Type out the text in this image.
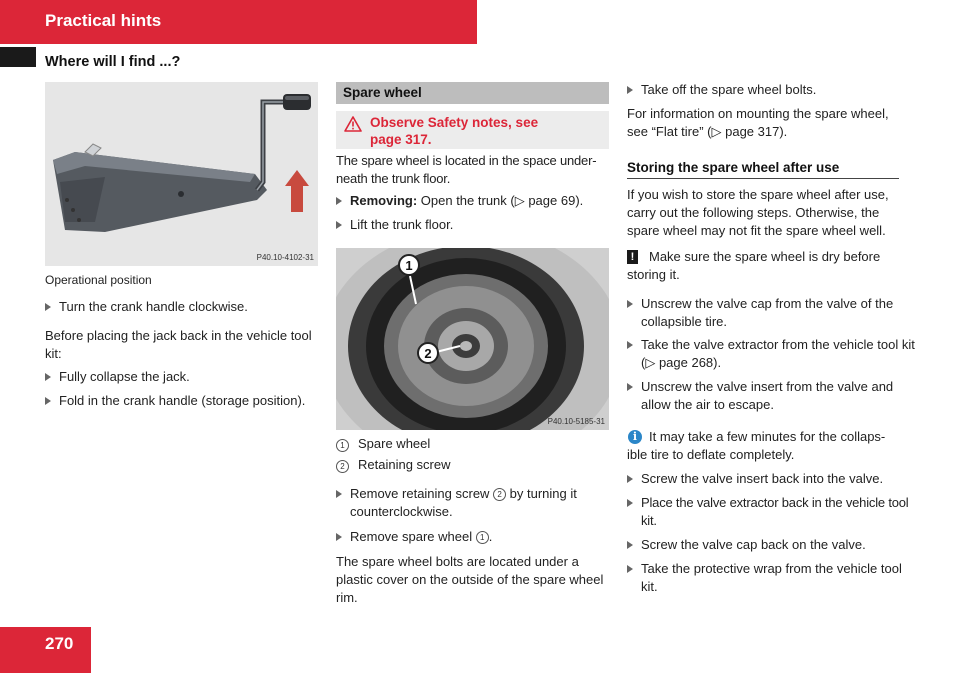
Practical hints
Where will I find ...?
P40.10-4102-31
Operational position
Turn the crank handle clockwise.
Before placing the jack back in the vehicle tool kit:
Fully collapse the jack.
Fold in the crank handle (storage position).
Spare wheel
Observe Safety notes, see
page 317.
The spare wheel is located in the space under-neath the trunk floor.
Removing: Open the trunk (▷ page 69).
Lift the trunk floor.
1
2
P40.10-5185-31
1	Spare wheel
2	Retaining screw
Remove retaining screw 2 by turning it counterclockwise.
Remove spare wheel 1 .
The spare wheel bolts are located under a plastic cover on the outside of the spare wheel rim.
Take off the spare wheel bolts.
For information on mounting the spare wheel, see “Flat tire” (▷ page 317).
Storing the spare wheel after use
If you wish to store the spare wheel after use, carry out the following steps. Otherwise, the spare wheel may not fit the spare wheel well.
!	Make sure the spare wheel is dry before storing it.
Unscrew the valve cap from the valve of the collapsible tire.
Take the valve extractor from the vehicle tool kit (▷ page 268).
Unscrew the valve insert from the valve and allow the air to escape.
i It may take a few minutes for the collaps-ible tire to deflate completely.
Screw the valve insert back into the valve.
Place the valve extractor back in the vehicle tool kit.
Screw the valve cap back on the valve.
Take the protective wrap from the vehicle tool kit.
270
